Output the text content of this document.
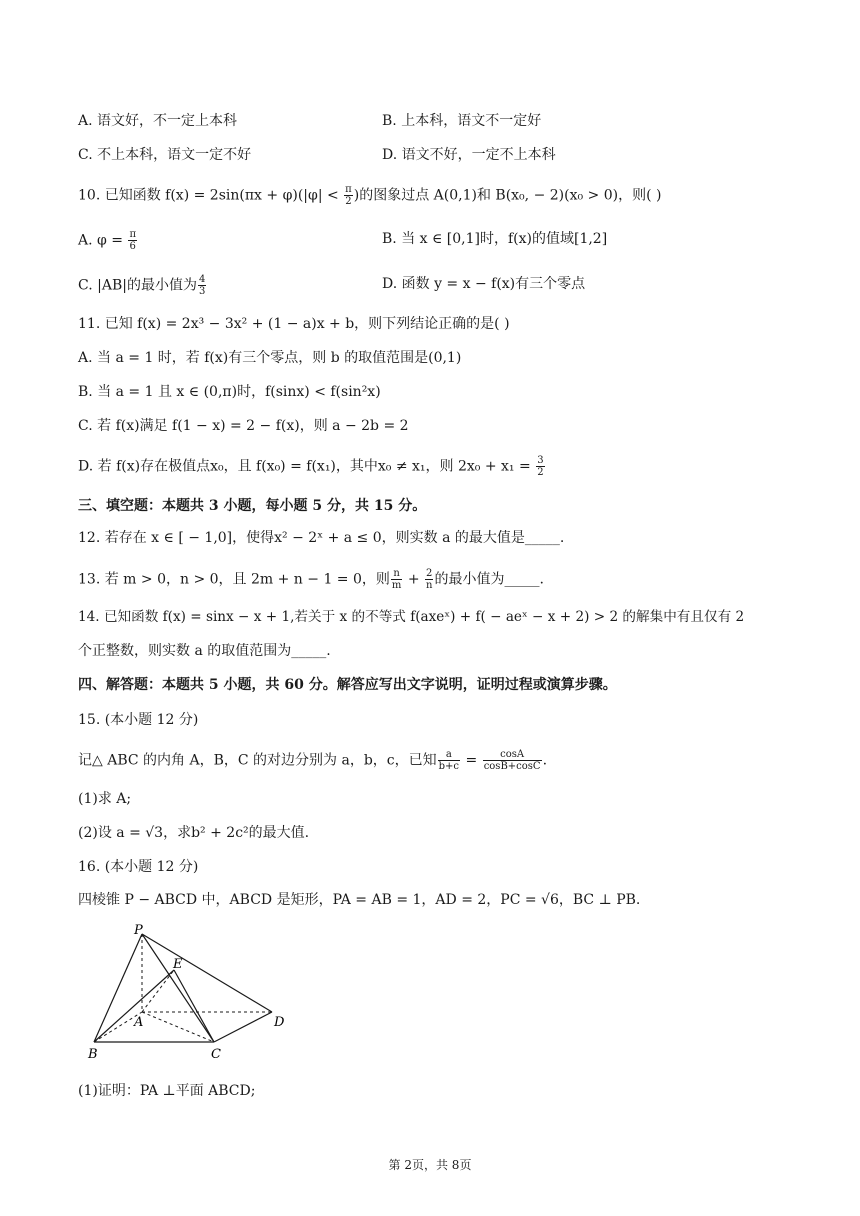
A. 语文好，不一定上本科	B. 上本科，语文不一定好
C. 不上本科，语文一定不好	D. 语文不好，一定不上本科
10. 已知函数 $f(x) = 2\sin(\pi x + \varphi)(|\varphi| < \frac{\pi}{2}$ )的图象过点 A(0,1)和 B(x₀, − 2)(x₀ > 0)，则( )
A. $\varphi = \frac{\pi}{6}$	B. 当 x ∈ [0,1]时，f(x)的值域[1,2]
C. |AB|的最小值为 $\frac{4}{3}$	D. 函数 y = x − f(x)有三个零点
11. 已知 f(x) = 2x³ − 3x² + (1 − a)x + b，则下列结论正确的是( )
A. 当 a = 1 时，若 f(x)有三个零点，则 b 的取值范围是(0,1)
B. 当 a = 1 且 x ∈ (0,π)时，f(sinx) < f(sin²x)
C. 若 f(x)满足 f(1 − x) = 2 − f(x)，则 a − 2b = 2
D. 若 f(x)存在极值点x₀，且 f(x₀) = f(x₁)，其中x₀ ≠ x₁，则 $2x_0 + x_1 = \frac{3}{2}$
三、填空题：本题共 3 小题，每小题 5 分，共 15 分。
12. 若存在 x ∈ [ − 1,0]，使得x² − 2ˣ + a ≤ 0，则实数 a 的最大值是_____.
13. 若 m > 0，n > 0，且 2m + n − 1 = 0，则 $\frac{n}{m} + \frac{2}{n}$ 的最小值为_____.
14. 已知函数 f(x) = sinx − x + 1,若关于 x 的不等式 f(axeˣ) + f( − aeˣ − x + 2) > 2 的解集中有且仅有 2
个正整数，则实数 a 的取值范围为_____.
四、解答题：本题共 5 小题，共 60 分。解答应写出文字说明，证明过程或演算步骤。
15. (本小题 12 分)
记△ ABC 的内角 A，B，C 的对边分别为 a，b，c，已知 $\frac{a}{b+c} = \frac{\cos A}{\cos B+\cos C}$ .
(1)求 A;
(2)设 a = √3，求b² + 2c²的最大值.
16. (本小题 12 分)
四棱锥 P − ABCD 中，ABCD 是矩形，PA = AB = 1，AD = 2，PC = √6，BC ⊥ PB.
P
E
A
B	C
D
(1)证明：PA ⊥平面 ABCD;
第 2页，共 8页
